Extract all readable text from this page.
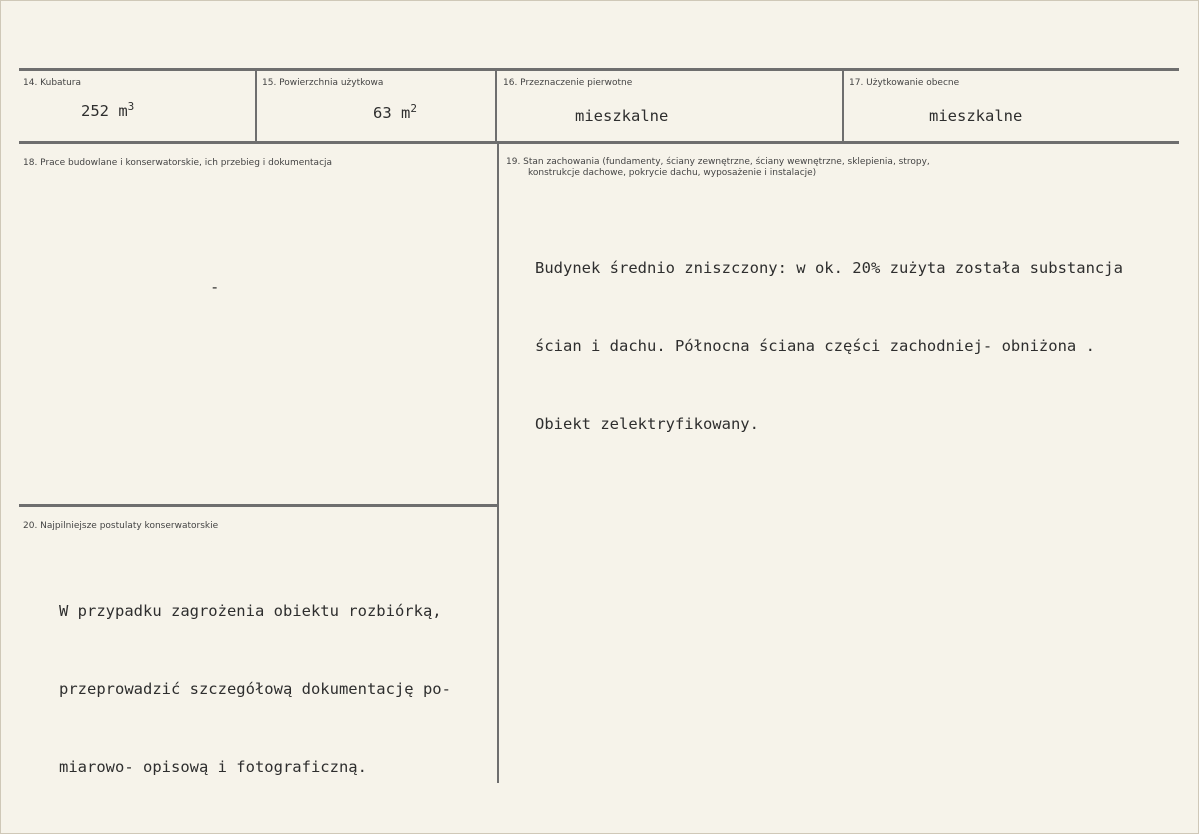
14. Kubatura
252 $m^3$
15. Powierzchnia użytkowa
63 $m^2$
16. Przeznaczenie pierwotne
mieszkalne
17. Użytkowanie obecne
mieszkalne
18. Prace budowlane i konserwatorskie, ich przebieg i dokumentacja
-
19. Stan zachowania (fundamenty, ściany zewnętrzne, ściany wewnętrzne, sklepienia, stropy,
konstrukcje dachowe, pokrycie dachu, wyposażenie i instalacje)

Budynek średnio zniszczony: w ok. 20% zużyta została substancja

ścian i dachu. Północna ściana części zachodniej- obniżona .

Obiekt zelektryfikowany.

20. Najpilniejsze postulaty konserwatorskie

W przypadku zagrożenia obiektu rozbiórką,

przeprowadzić szczegółową dokumentację po-

miarowo- opisową i fotograficzną.
